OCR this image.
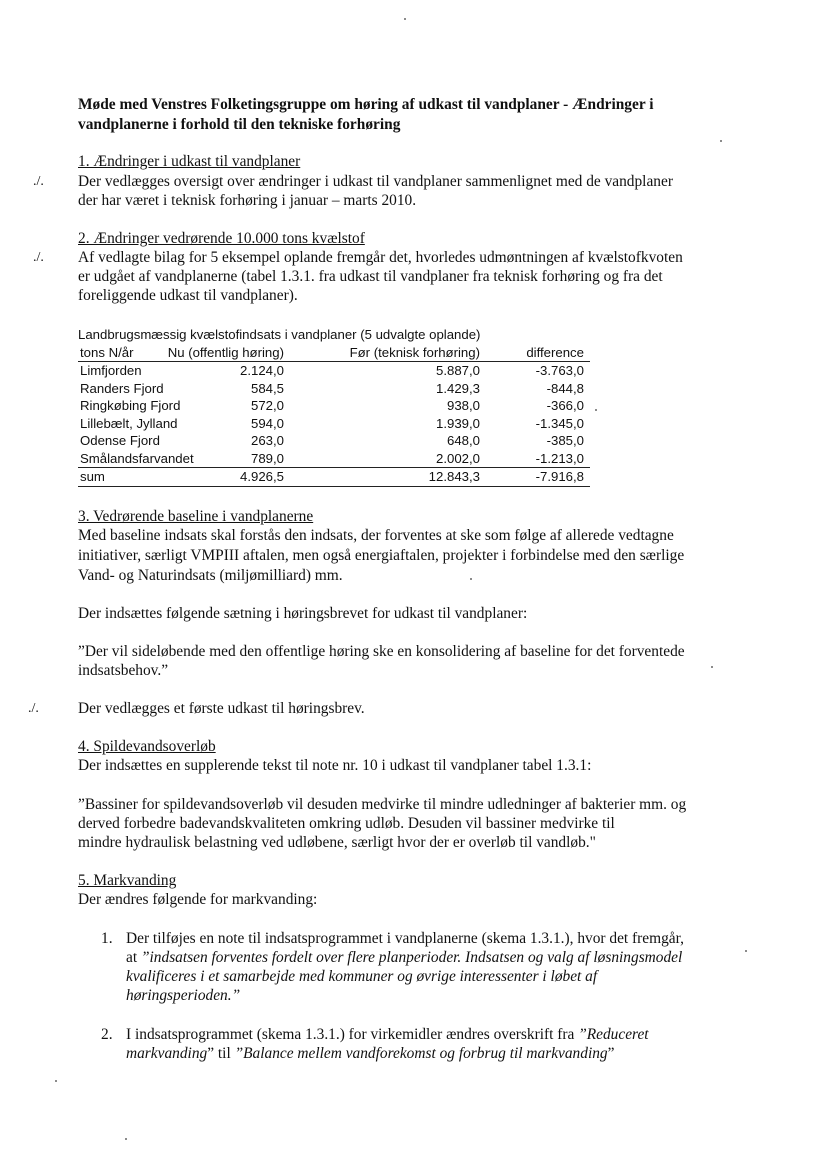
Møde med Venstres Folketingsgruppe om høring af udkast til vandplaner - Ændringer i
vandplanerne i forhold til den tekniske forhøring
1. Ændringer i udkast til vandplaner
./. Der vedlægges oversigt over ændringer i udkast til vandplaner sammenlignet med de vandplaner
der har været i teknisk forhøring i januar – marts 2010.
2. Ændringer vedrørende 10.000 tons kvælstof
./. Af vedlagte bilag for 5 eksempel oplande fremgår det, hvorledes udmøntningen af kvælstofkvoten
er udgået af vandplanerne (tabel 1.3.1. fra udkast til vandplaner fra teknisk forhøring og fra det
foreliggende udkast til vandplaner).
Landbrugsmæssig kvælstofindsats i vandplaner (5 udvalgte oplande)
tons N/år	Nu (offentlig høring)	Før (teknisk forhøring)	difference
Limfjorden	2.124,0	5.887,0	-3.763,0
Randers Fjord	584,5	1.429,3	-844,8
Ringkøbing Fjord	572,0	938,0	-366,0
Lillebælt, Jylland	594,0	1.939,0	-1.345,0
Odense Fjord	263,0	648,0	-385,0
Smålandsfarvandet	789,0	2.002,0	-1.213,0
sum	4.926,5	12.843,3	-7.916,8
3. Vedrørende baseline i vandplanerne
Med baseline indsats skal forstås den indsats, der forventes at ske som følge af allerede vedtagne
initiativer, særligt VMPIII aftalen, men også energiaftalen, projekter i forbindelse med den særlige
Vand- og Naturindsats (miljømilliard) mm.
Der indsættes følgende sætning i høringsbrevet for udkast til vandplaner:
”Der vil sideløbende med den offentlige høring ske en konsolidering af baseline for det forventede
indsatsbehov.”
./.	Der vedlægges et første udkast til høringsbrev.
4. Spildevandsoverløb
Der indsættes en supplerende tekst til note nr. 10 i udkast til vandplaner tabel 1.3.1:
”Bassiner for spildevandsoverløb vil desuden medvirke til mindre udledninger af bakterier mm. og
derved forbedre badevandskvaliteten omkring udløb. Desuden vil bassiner medvirke til
mindre hydraulisk belastning ved udløbene, særligt hvor der er overløb til vandløb."
5. Markvanding
Der ændres følgende for markvanding:
1. Der tilføjes en note til indsatsprogrammet i vandplanerne (skema 1.3.1.), hvor det fremgår,
at ”indsatsen forventes fordelt over flere planperioder. Indsatsen og valg af løsningsmodel
kvalificeres i et samarbejde med kommuner og øvrige interessenter i løbet af
høringsperioden.”
2. I indsatsprogrammet (skema 1.3.1.) for virkemidler ændres overskrift fra ”Reduceret
markvanding” til ”Balance mellem vandforekomst og forbrug til markvanding”
